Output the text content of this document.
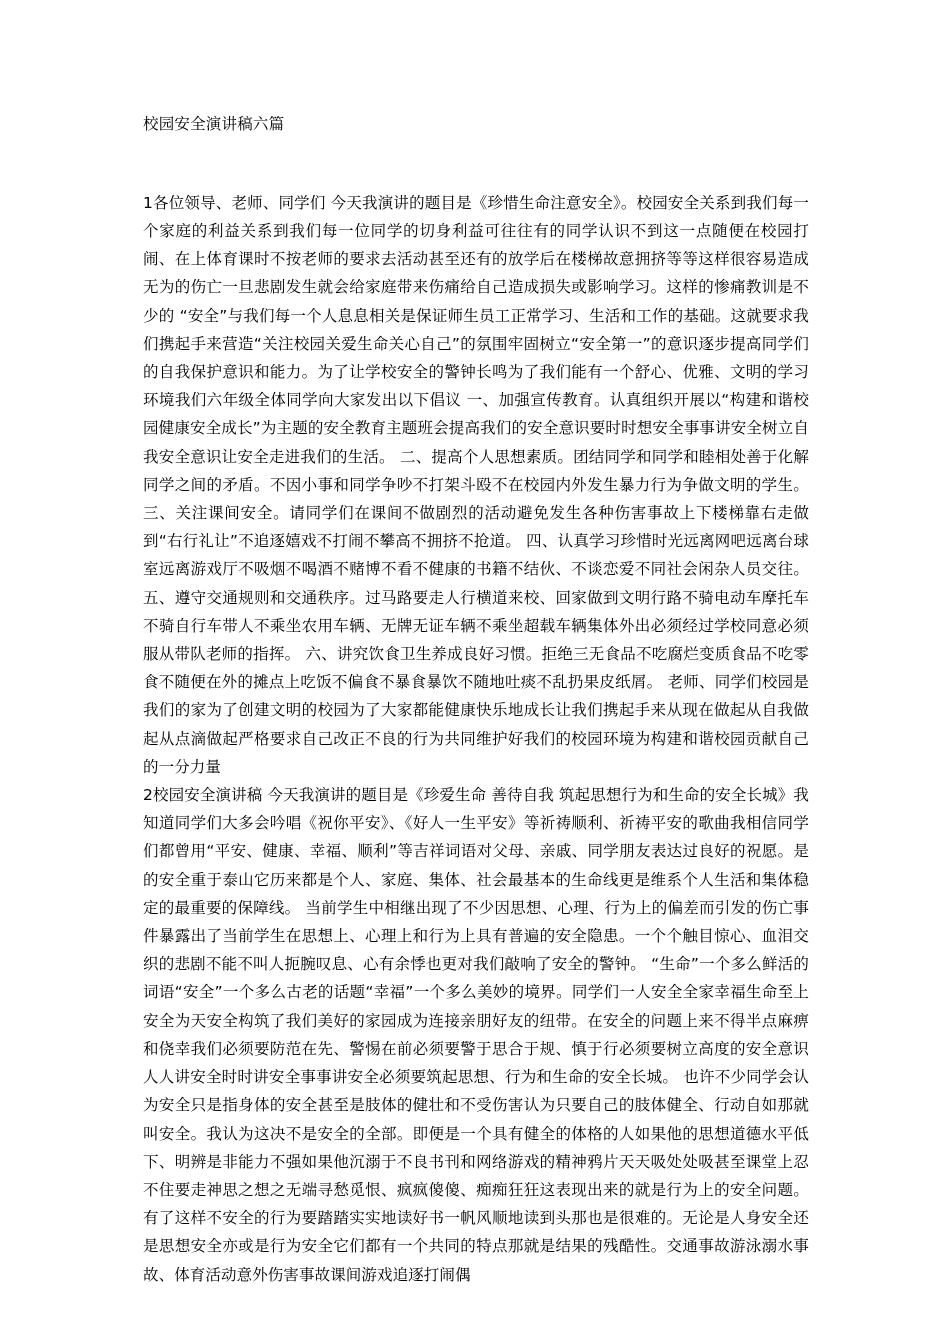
校园安全演讲稿六篇

1各位领导、老师、同学们 今天我演讲的题目是《珍惜生命注意安全》。校园安全关系到我们每一个家庭的利益关系到我们每一位同学的切身利益可往往有的同学认识不到这一点随便在校园打闹、在上体育课时不按老师的要求去活动甚至还有的放学后在楼梯故意拥挤等等这样很容易造成无为的伤亡一旦悲剧发生就会给家庭带来伤痛给自己造成损失或影响学习。这样的惨痛教训是不少的 “安全”与我们每一个人息息相关是保证师生员工正常学习、生活和工作的基础。这就要求我们携起手来营造“关注校园关爱生命关心自己”的氛围牢固树立“安全第一”的意识逐步提高同学们的自我保护意识和能力。为了让学校安全的警钟长鸣为了我们能有一个舒心、优雅、文明的学习环境我们六年级全体同学向大家发出以下倡议 一、加强宣传教育。认真组织开展以“构建和谐校园健康安全成长”为主题的安全教育主题班会提高我们的安全意识要时时想安全事事讲安全树立自我安全意识让安全走进我们的生活。 二、提高个人思想素质。团结同学和同学和睦相处善于化解同学之间的矛盾。不因小事和同学争吵不打架斗殴不在校园内外发生暴力行为争做文明的学生。 三、关注课间安全。请同学们在课间不做剧烈的活动避免发生各种伤害事故上下楼梯靠右走做到“右行礼让”不追逐嬉戏不打闹不攀高不拥挤不抢道。 四、认真学习珍惜时光远离网吧远离台球室远离游戏厅不吸烟不喝酒不赌博不看不健康的书籍不结伙、不谈恋爱不同社会闲杂人员交往。 五、遵守交通规则和交通秩序。过马路要走人行横道来校、回家做到文明行路不骑电动车摩托车不骑自行车带人不乘坐农用车辆、无牌无证车辆不乘坐超载车辆集体外出必须经过学校同意必须服从带队老师的指挥。 六、讲究饮食卫生养成良好习惯。拒绝三无食品不吃腐烂变质食品不吃零食不随便在外的摊点上吃饭不偏食不暴食暴饮不随地吐痰不乱扔果皮纸屑。 老师、同学们校园是我们的家为了创建文明的校园为了大家都能健康快乐地成长让我们携起手来从现在做起从自我做起从点滴做起严格要求自己改正不良的行为共同维护好我们的校园环境为构建和谐校园贡献自己的一分力量

2校园安全演讲稿 今天我演讲的题目是《珍爱生命 善待自我 筑起思想行为和生命的安全长城》我知道同学们大多会吟唱《祝你平安》、《好人一生平安》等祈祷顺利、祈祷平安的歌曲我相信同学们都曾用“平安、健康、幸福、顺利”等吉祥词语对父母、亲戚、同学朋友表达过良好的祝愿。是的安全重于泰山它历来都是个人、家庭、集体、社会最基本的生命线更是维系个人生活和集体稳定的最重要的保障线。 当前学生中相继出现了不少因思想、心理、行为上的偏差而引发的伤亡事件暴露出了当前学生在思想上、心理上和行为上具有普遍的安全隐患。一个个触目惊心、血泪交织的悲剧不能不叫人扼腕叹息、心有余悸也更对我们敲响了安全的警钟。 “生命”一个多么鲜活的词语“安全”一个多么古老的话题“幸福”一个多么美妙的境界。同学们一人安全全家幸福生命至上安全为天安全构筑了我们美好的家园成为连接亲朋好友的纽带。在安全的问题上来不得半点麻痹和侥幸我们必须要防范在先、警惕在前必须要警于思合于规、慎于行必须要树立高度的安全意识人人讲安全时时讲安全事事讲安全必须要筑起思想、行为和生命的安全长城。 也许不少同学会认为安全只是指身体的安全甚至是肢体的健壮和不受伤害认为只要自己的肢体健全、行动自如那就叫安全。我认为这决不是安全的全部。即便是一个具有健全的体格的人如果他的思想道德水平低下、明辨是非能力不强如果他沉溺于不良书刊和网络游戏的精神鸦片天天吸处处吸甚至课堂上忍不住要走神思之想之无端寻愁觅恨、疯疯傻傻、痴痴狂狂这表现出来的就是行为上的安全问题。有了这样不安全的行为要踏踏实实地读好书一帆风顺地读到头那也是很难的。无论是人身安全还是思想安全亦或是行为安全它们都有一个共同的特点那就是结果的残酷性。交通事故游泳溺水事故、体育活动意外伤害事故课间游戏追逐打闹偶
